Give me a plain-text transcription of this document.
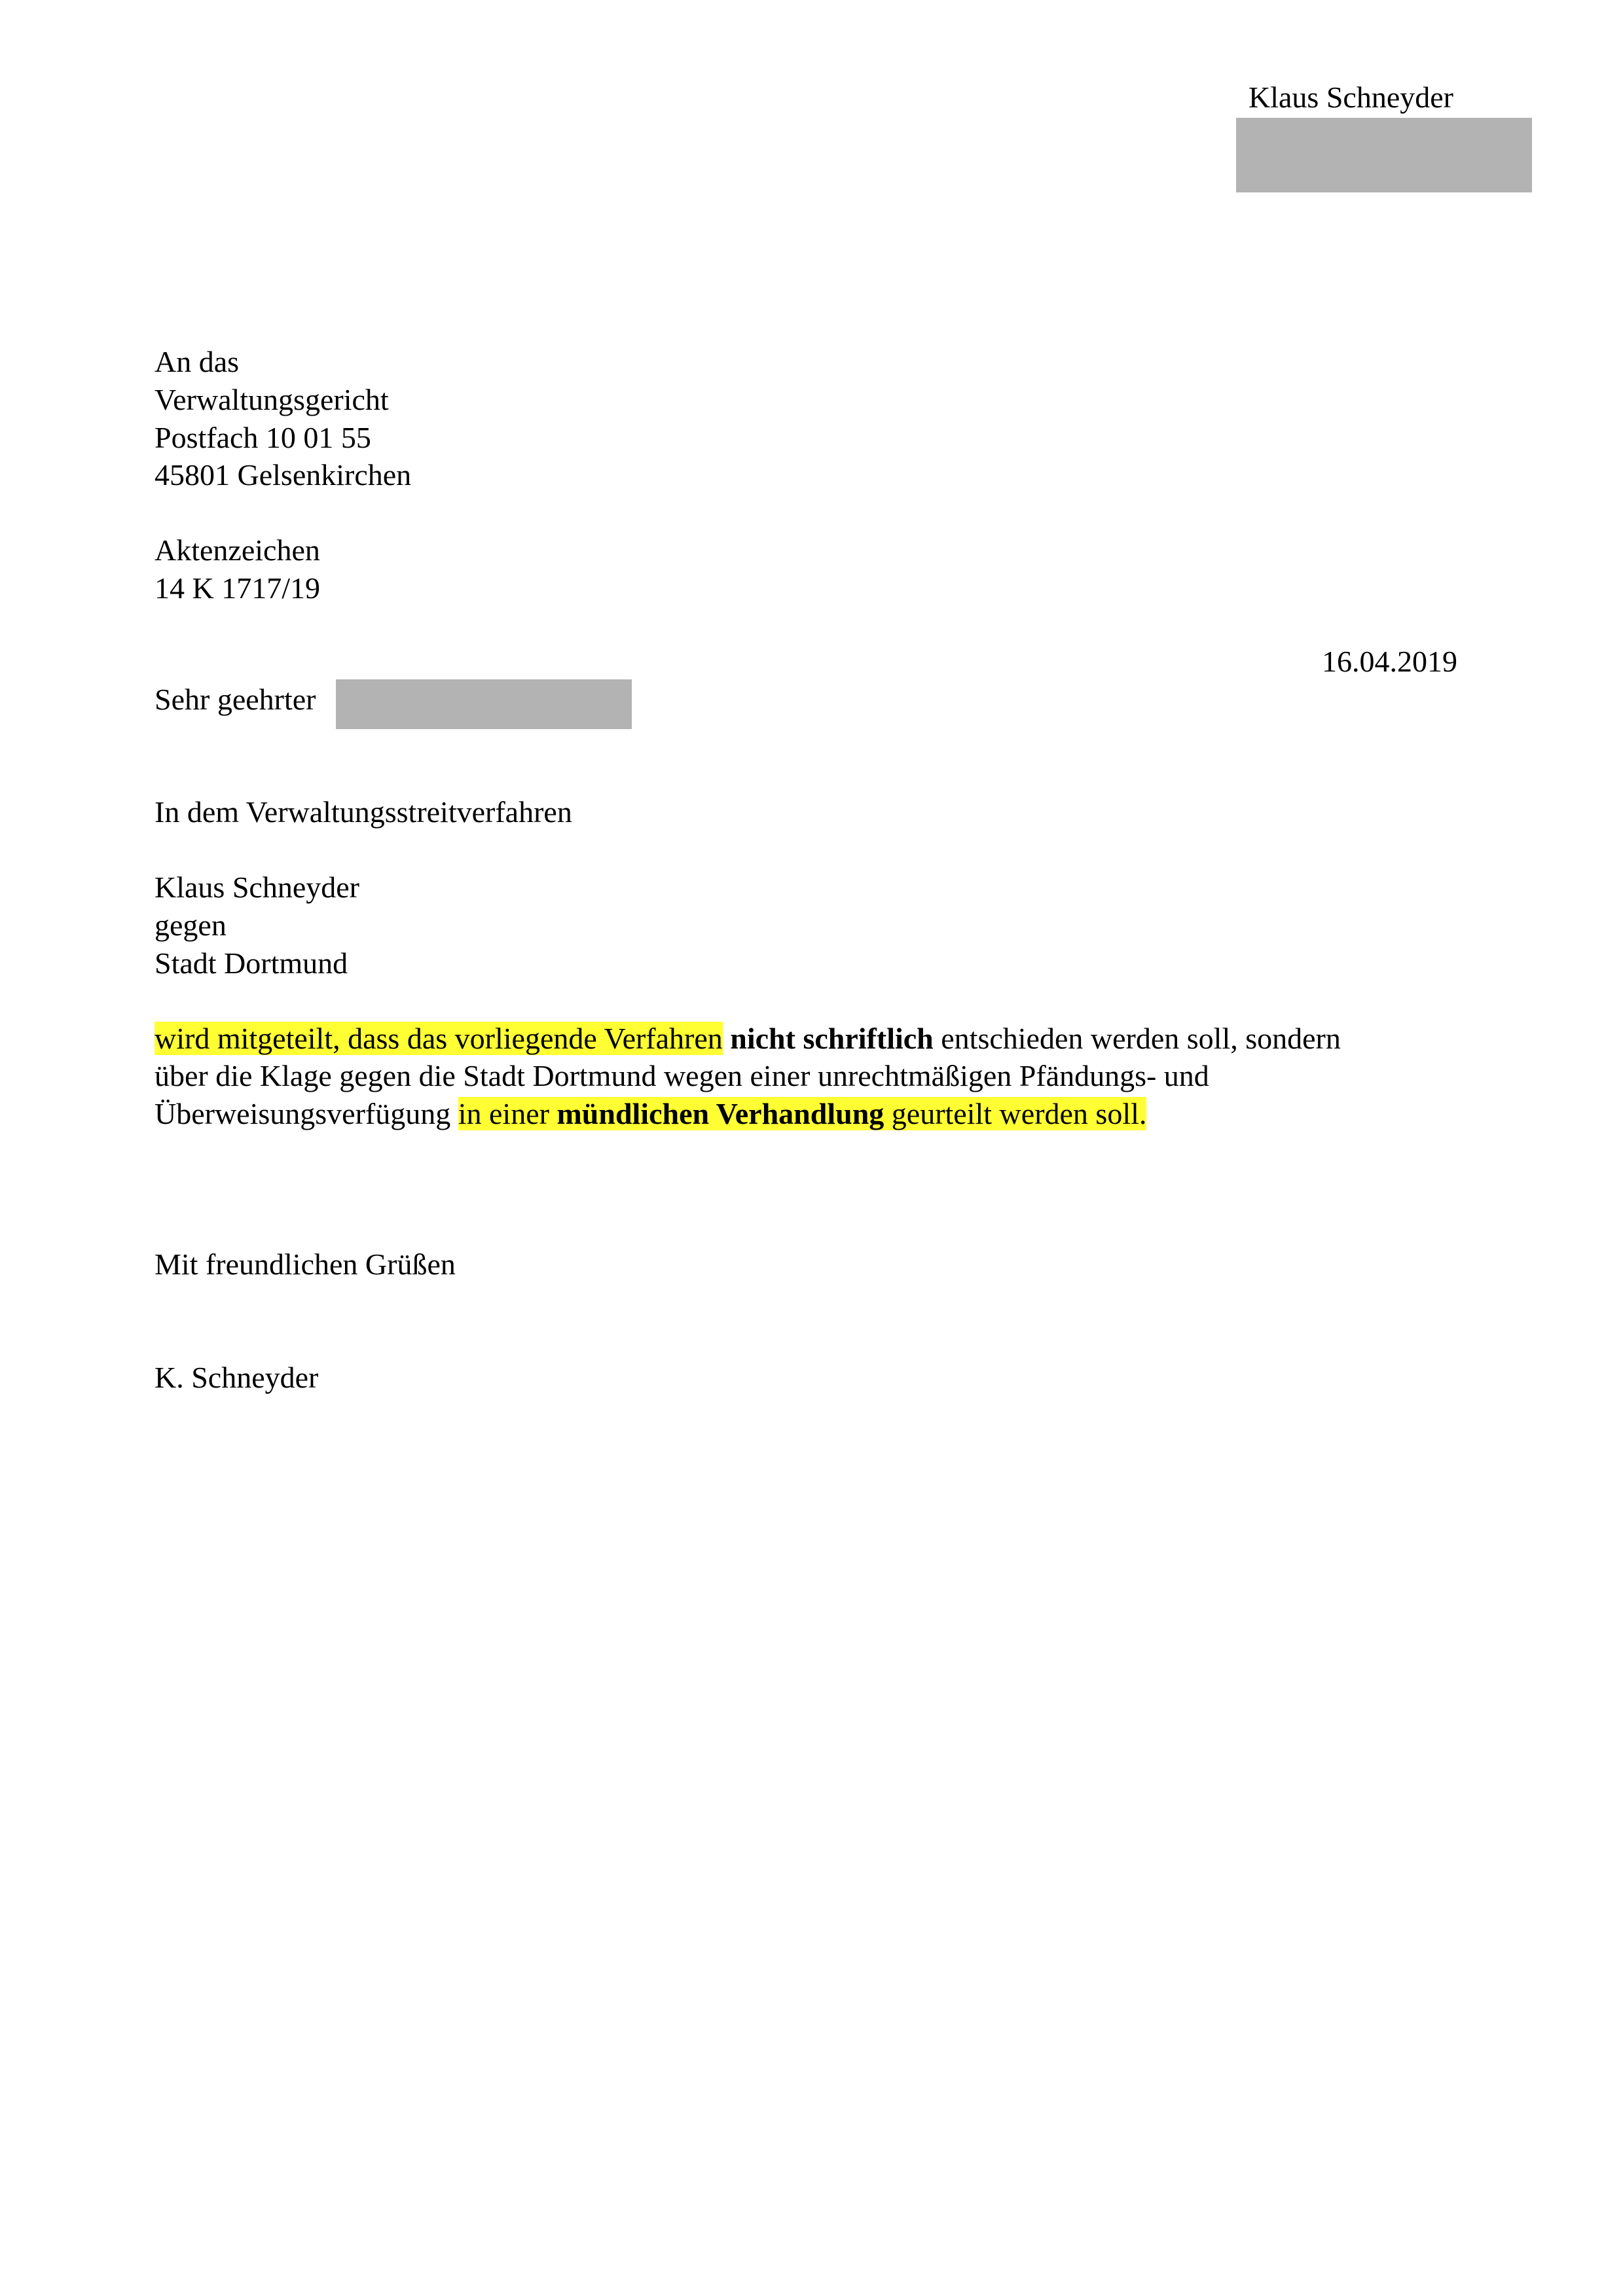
Klaus Schneyder
An das
Verwaltungsgericht
Postfach 10 01 55
45801 Gelsenkirchen
Aktenzeichen
14 K 1717/19
16.04.2019
Sehr geehrter
In dem Verwaltungsstreitverfahren
Klaus Schneyder
gegen
Stadt Dortmund
wird mitgeteilt, dass das vorliegende Verfahren nicht schriftlich entschieden werden soll, sondern
über die Klage gegen die Stadt Dortmund wegen einer unrechtmäßigen Pfändungs- und
Überweisungsverfügung in einer mündlichen Verhandlung geurteilt werden soll.
Mit freundlichen Grüßen
K. Schneyder
